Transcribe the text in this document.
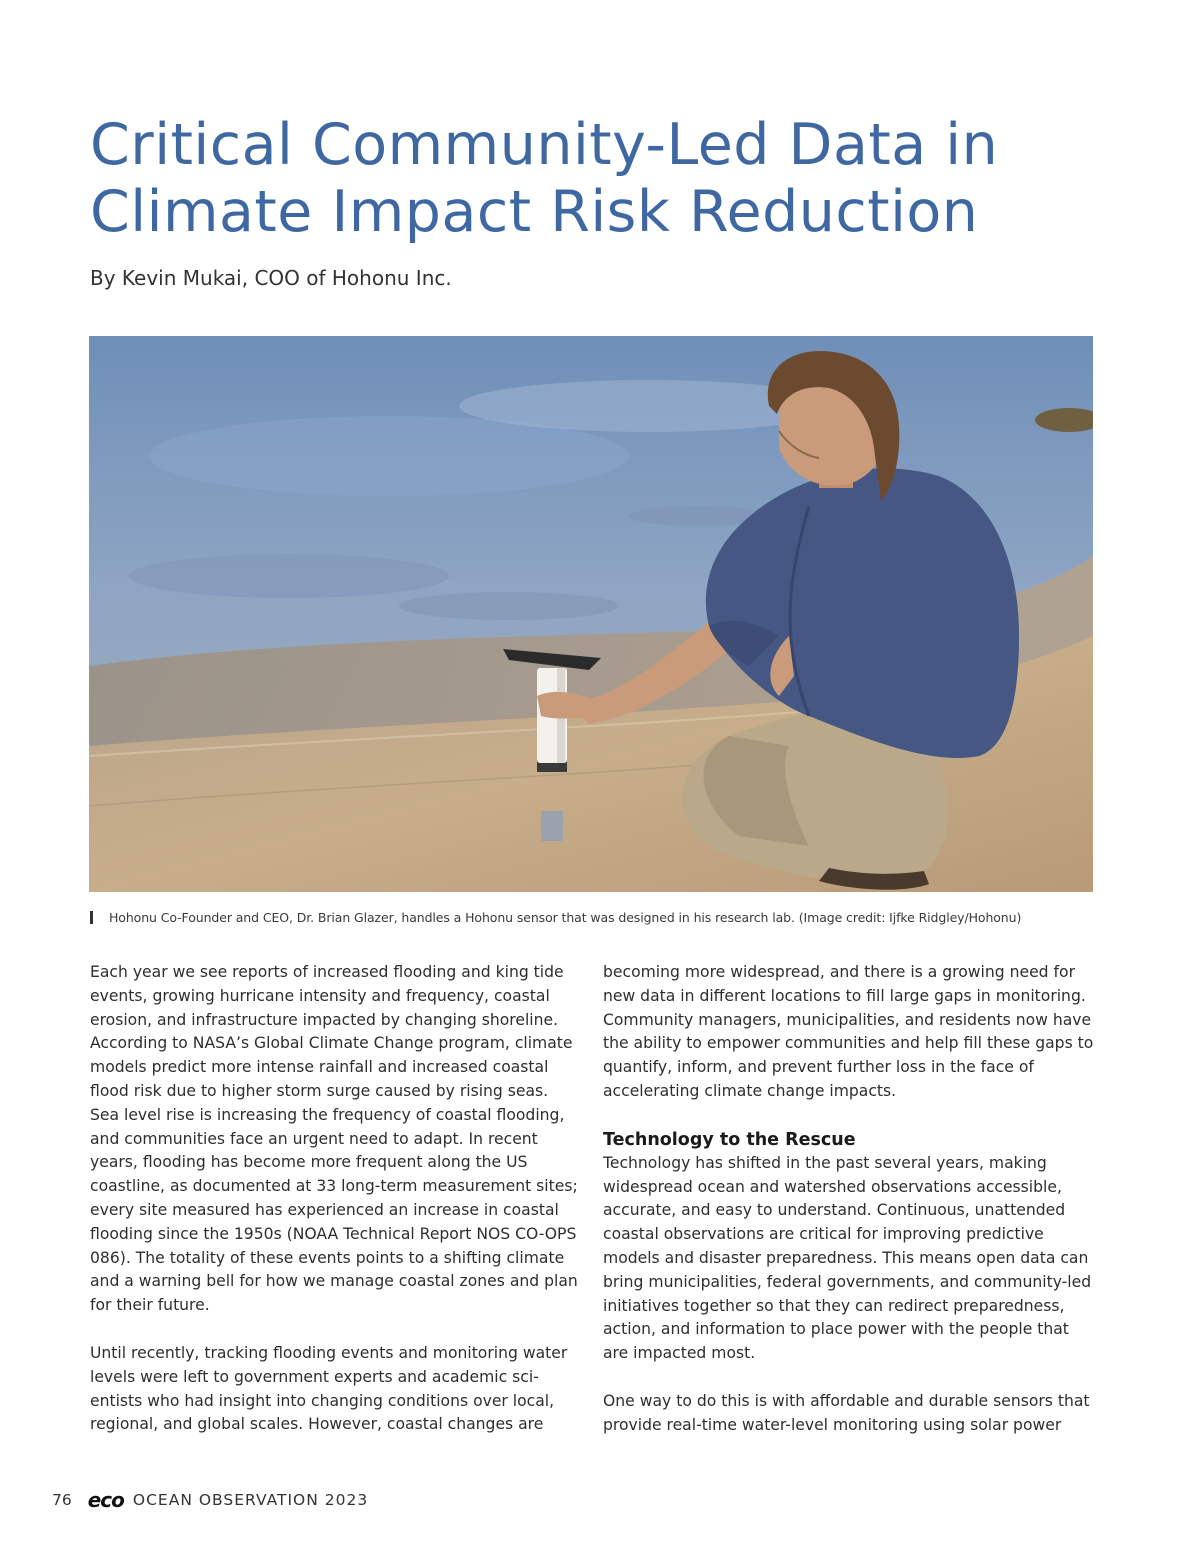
Critical Community-Led Data in Climate Impact Risk Reduction
By Kevin Mukai, COO of Hohonu Inc.
Hohonu Co-Founder and CEO, Dr. Brian Glazer, handles a Hohonu sensor that was designed in his research lab. (Image credit: Ijfke Ridgley/Hohonu)

Each year we see reports of increased flooding and king tide events, growing hurricane intensity and frequency, coastal erosion, and infrastructure impacted by changing shoreline. According to NASA’s Global Climate Change program, climate models predict more intense rainfall and increased coastal flood risk due to higher storm surge caused by rising seas. Sea level rise is increasing the frequency of coastal flooding, and communities face an urgent need to adapt. In recent years, flooding has become more frequent along the US coastline, as documented at 33 long-term measurement sites; every site measured has experienced an increase in coastal flooding since the 1950s (NOAA Technical Report NOS CO-OPS 086). The totality of these events points to a shifting climate and a warning bell for how we manage coastal zones and plan for their future.

Until recently, tracking flooding events and monitoring water levels were left to government experts and academic sci-entists who had insight into changing conditions over local, regional, and global scales. However, coastal changes are

becoming more widespread, and there is a growing need for new data in different locations to fill large gaps in monitoring. Community managers, municipalities, and residents now have the ability to empower communities and help fill these gaps to quantify, inform, and prevent further loss in the face of accelerating climate change impacts.

Technology to the Rescue

Technology has shifted in the past several years, making widespread ocean and watershed observations accessible, accurate, and easy to understand. Continuous, unattended coastal observations are critical for improving predictive models and disaster preparedness. This means open data can bring municipalities, federal governments, and community-led initiatives together so that they can redirect preparedness, action, and information to place power with the people that are impacted most.

One way to do this is with affordable and durable sensors that provide real-time water-level monitoring using solar power

76 eco OCEAN OBSERVATION 2023
